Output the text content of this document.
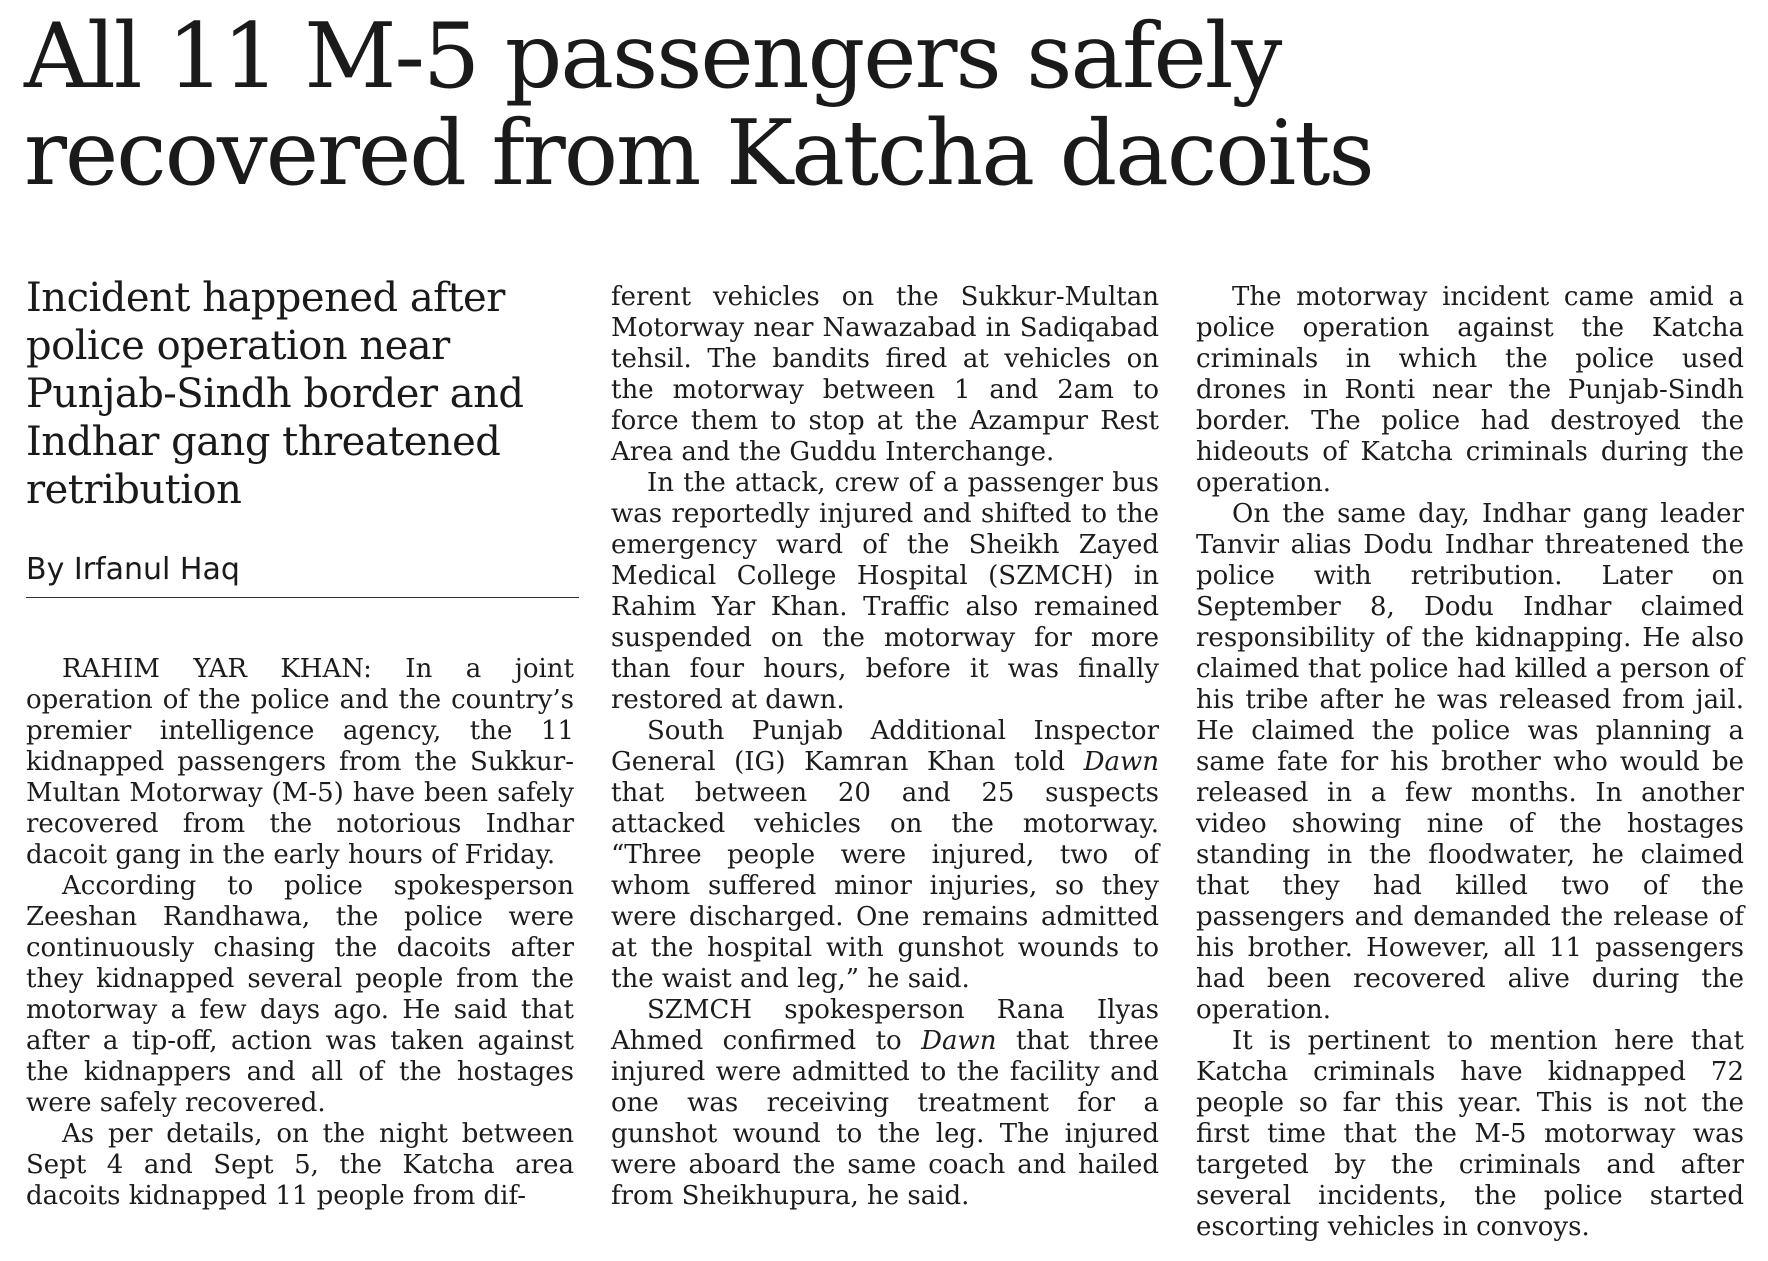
All 11 M-5 passengers safely
recovered from Katcha dacoits
Incident happened after police operation near Punjab-Sindh border and Indhar gang threatened retribution
By Irfanul Haq

RAHIM YAR KHAN: In a joint operation of the police and the country’s premier intelligence agency, the 11 kidnapped passengers from the Sukkur-Multan Motorway (M-5) have been safely recovered from the notorious Indhar dacoit gang in the early hours of Friday.

According to police spokesperson Zeeshan Randhawa, the police were continuously chasing the dacoits after they kidnapped several people from the motorway a few days ago. He said that after a tip-off, action was taken against the kidnappers and all of the hostages were safely recovered.

As per details, on the night between Sept 4 and Sept 5, the Katcha area dacoits kidnapped 11 people from dif-

ferent vehicles on the Sukkur-Multan Motorway near Nawazabad in Sadiqabad tehsil. The bandits fired at vehicles on the motorway between 1 and 2am to force them to stop at the Azampur Rest Area and the Guddu Interchange.

In the attack, crew of a passenger bus was reportedly injured and shifted to the emergency ward of the Sheikh Zayed Medical College Hospital (SZMCH) in Rahim Yar Khan. Traffic also remained suspended on the motorway for more than four hours, before it was finally restored at dawn.

South Punjab Additional Inspector General (IG) Kamran Khan told Dawn that between 20 and 25 suspects attacked vehicles on the motorway. “Three people were injured, two of whom suffered minor injuries, so they were discharged. One remains admitted at the hospital with gunshot wounds to the waist and leg,” he said.

SZMCH spokesperson Rana Ilyas Ahmed confirmed to Dawn that three injured were admitted to the facility and one was receiving treatment for a gunshot wound to the leg. The injured were aboard the same coach and hailed from Sheikhupura, he said.

The motorway incident came amid a police operation against the Katcha criminals in which the police used drones in Ronti near the Punjab-Sindh border. The police had destroyed the hideouts of Katcha criminals during the operation.

On the same day, Indhar gang leader Tanvir alias Dodu Indhar threatened the police with retribution. Later on September 8, Dodu Indhar claimed responsibility of the kidnapping. He also claimed that police had killed a person of his tribe after he was released from jail. He claimed the police was planning a same fate for his brother who would be released in a few months. In another video showing nine of the hostages standing in the floodwater, he claimed that they had killed two of the passengers and demanded the release of his brother. However, all 11 passengers had been recovered alive during the operation.

It is pertinent to mention here that Katcha criminals have kidnapped 72 people so far this year. This is not the first time that the M-5 motorway was targeted by the criminals and after several incidents, the police started escorting vehicles in convoys.
